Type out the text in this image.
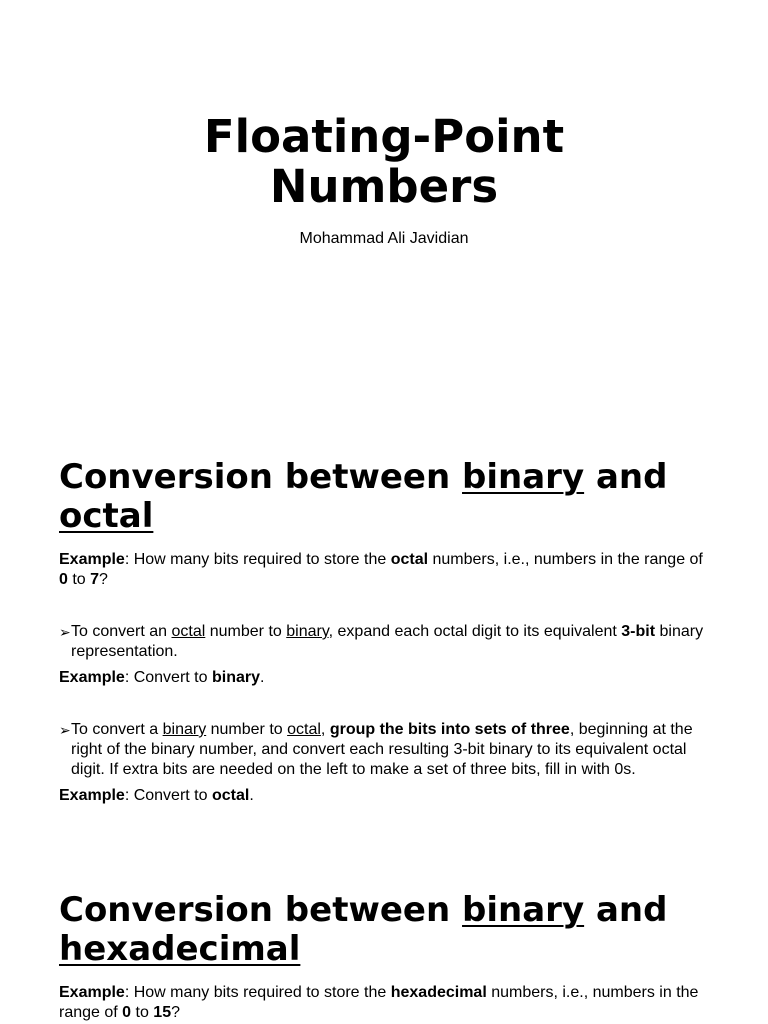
Floating-Point
Numbers

Mohammad Ali Javidian

Conversion between binary and
octal

Example: How many bits required to store the octal numbers, i.e., numbers in the range of 0 to 7?

➢ To convert an octal number to binary, expand each octal digit to its equivalent 3-bit binary representation.

Example: Convert to binary.

➢ To convert a binary number to octal, group the bits into sets of three, beginning at the right of the binary number, and convert each resulting 3-bit binary to its equivalent octal digit. If extra bits are needed on the left to make a set of three bits, fill in with 0s.

Example: Convert to octal.

Conversion between binary and
hexadecimal

Example: How many bits required to store the hexadecimal numbers, i.e., numbers in the range of 0 to 15?
